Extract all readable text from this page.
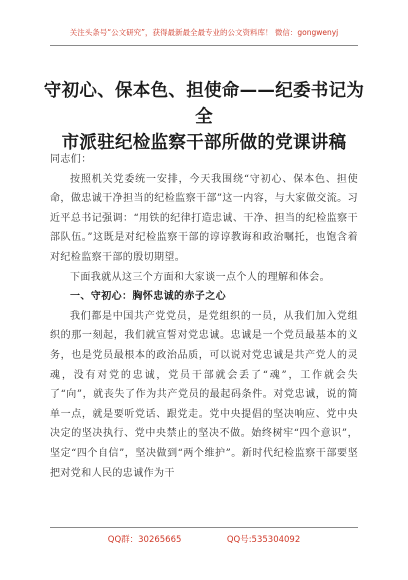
关注头条号“公文研究”，获得最新最全最专业的公文资料库！ 微信：gongwenyj
守初心、保本色、担使命——纪委书记为全
市派驻纪检监察干部所做的党课讲稿
同志们：

按照机关党委统一安排，今天我围绕“守初心、保本色、担使命，做忠诚干净担当的纪检监察干部”这一内容，与大家做交流。习近平总书记强调：“用铁的纪律打造忠诚、干净、担当的纪检监察干部队伍。”这既是对纪检监察干部的谆谆教诲和政治嘱托，也饱含着对纪检监察干部的殷切期望。

下面我就从这三个方面和大家谈一点个人的理解和体会。

一、守初心：胸怀忠诚的赤子之心

我们都是中国共产党党员，是党组织的一员，从我们加入党组织的那一刻起，我们就宣誓对党忠诚。忠诚是一个党员最基本的义务，也是党员最根本的政治品质，可以说对党忠诚是共产党人的灵魂，没有对党的忠诚，党员干部就会丢了“魂”，工作就会失了“向”，就丧失了作为共产党员的最起码条件。对党忠诚，说的简单一点，就是要听党话、跟党走。党中央提倡的坚决响应、党中央决定的坚决执行、党中央禁止的坚决不做。始终树牢“四个意识”，坚定“四个自信”，坚决做到“两个维护”。新时代纪检监察干部要坚把对党和人民的忠诚作为干

QQ群：30265665	QQ号:535304092
